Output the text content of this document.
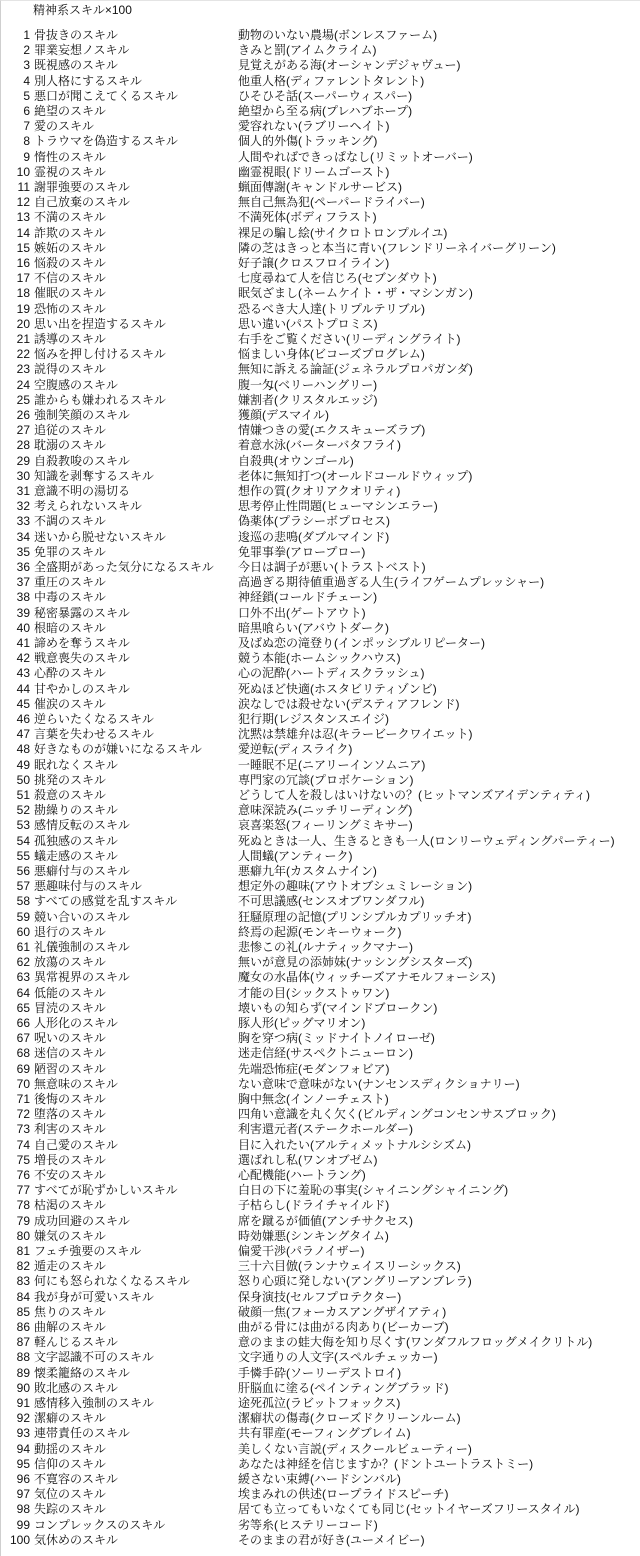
精神系スキル×100
1 骨抜きのスキル	動物のいない農場(ボンレスファーム)
2 罪業妄想ノスキル	きみと罰(アイムクライム)
3 既視感のスキル	見覚えがある海(オーシャンデジャヴュー)
4 別人格にするスキル	他重人格(ディファレントタレント)
5 悪口が聞こえてくるスキル	ひそひそ話(スーパーウィスパー)
6 絶望のスキル	絶望から至る病(プレハブホープ)
7 愛のスキル	愛容れない(ラブリーヘイト)
8 トラウマを偽造するスキル	個人的外傷(トラッキング)
9 惰性のスキル	人間やればできっぱなし(リミットオーバー)
10 霊視のスキル	幽霊視眼(ドリームゴースト)
11 謝罪強要のスキル	蝋面傳謝(キャンドルサービス)
12 自己放棄のスキル	無自己無為犯(ペーパードライバー)
13 不満のスキル	不満死体(ボディフラスト)
14 詐欺のスキル	裸足の騙し絵(サイクロトロンプルイユ)
15 嫉妬のスキル	隣の芝はきっと本当に青い(フレンドリーネイバーグリーン)
16 悩殺のスキル	好子譲(クロスフロイライン)
17 不信のスキル	七度尋ねて人を信じろ(セブンダウト)
18 催眠のスキル	眠気ざまし(ネームケイト・ザ・マシンガン)
19 恐怖のスキル	恐るべき大人達(トリプルテリブル)
20 思い出を捏造するスキル	思い違い(パストプロミス)
21 誘導のスキル	右手をご覧ください(リーディングライト)
22 悩みを押し付けるスキル	悩ましい身体(ビコーズプログレム)
23 説得のスキル	無知に訴える論証(ジェネラルプロパガンダ)
24 空腹感のスキル	腹一匁(ベリーハングリー)
25 誰からも嫌われるスキル	嫌割者(クリスタルエッジ)
26 強制笑顔のスキル	獲顔(デスマイル)
27 追従のスキル	情嫌つきの愛(エクスキューズラブ)
28 耽溺のスキル	着意水泳(バーターバタフライ)
29 自殺教唆のスキル	自殺典(オウンゴール)
30 知識を剥奪するスキル	老体に無知打つ(オールドコールドウィップ)
31 意識不明の湯切る	想作の質(クオリアクオリティ)
32 考えられないスキル	思考停止性問題(ヒューマシンエラー)
33 不調のスキル	偽薬体(プラシーボプロセス)
34 迷いから脱せないスキル	逡巡の悲鳴(ダブルマインド)
35 免罪のスキル	免罪事拳(アロープロー)
36 全盛期があった気分になるスキル 今日は調子が悪い(トラストベスト)
37 重圧のスキル	高過ぎる期待値重過ぎる人生(ライフゲームプレッシャー)
38 中毒のスキル	神経鎖(コールドチェーン)
39 秘密暴露のスキル	口外不出(ゲートアウト)
40 根暗のスキル	暗黒喰らい(アバウトダーク)
41 諦めを奪うスキル	及ばぬ恋の滝登り(インポッシブルリピーター)
42 戦意喪失のスキル	競う本能(ホームシックハウス)
43 心酔のスキル	心の泥酔(ハートディスクラッシュ)
44 甘やかしのスキル	死ぬほど快適(ホスタビリティゾンビ)
45 催涙のスキル	涙なしでは殺せない(デスティアフレンド)
46 逆らいたくなるスキル	犯行期(レジスタンスエイジ)
47 言葉を失わせるスキル	沈黙は禁雄弁は忍(キラービークワイエット)
48 好きなものが嫌いになるスキル	愛逆転(ディスライク)
49 眠れなくスキル	一睡眠不足(ニアリーインソムニア)
50 挑発のスキル	専門家の冗談(プロボケーション)
51 殺意のスキル	どうして人を殺しはいけないの？(ヒットマンズアイデンティティ)
52 勘繰りのスキル	意味深読み(ニッチリーディング)
53 感情反転のスキル	哀喜楽怒(フィーリングミキサー)
54 孤独感のスキル	死ぬときは一人、生きるときも一人(ロンリーウェディングパーティー)
55 蟻走感のスキル	人間蟻(アンティーク)
56 悪癖付与のスキル	悪癖九年(カスタムナイン)
57 悪趣味付与のスキル	想定外の趣味(アウトオブシュミレーション)
58 すべての感覚を乱すスキル	不可思議感(センスオブワンダフル)
59 競い合いのスキル	狂騒原理の記憶(プリンシプルカプリッチオ)
60 退行のスキル	終焉の起源(モンキーウォーク)
61 礼儀強制のスキル	悲惨この礼(ルナティックマナー)
62 放蕩のスキル	無いが意見の添姉妹(ナッシングシスターズ)
63 異常視界のスキル	魔女の水晶体(ウィッチーズアナモルフォーシス)
64 低能のスキル	才能の目(シックストゥワン)
65 冒涜のスキル	壊いもの知らず(マインドブロークン)
66 人形化のスキル	豚人形(ピッグマリオン)
67 呪いのスキル	胸を穿つ病(ミッドナイトノイローゼ)
68 迷信のスキル	迷走信経(サスペクトニューロン)
69 陋習のスキル	先端恐怖症(モダンフォビア)
70 無意味のスキル	ない意味で意味がない(ナンセンスディクショナリー)
71 後悔のスキル	胸中無念(インノーチェスト)
72 堕落のスキル	四角い意識を丸く欠く(ビルディングコンセンサスブロック)
73 利害のスキル	利害還元者(ステークホールダー)
74 自己愛のスキル	目に入れたい(アルティメットナルシシズム)
75 増長のスキル	選ばれし私(ワンオブゼム)
76 不安のスキル	心配機能(ハートラング)
77 すべてが恥ずかしいスキル	白日の下に羞恥の事実(シャイニングシャイニング)
78 枯渇のスキル	子枯らし(ドライチャイルド)
79 成功回避のスキル	席を蹴るが価値(アンチサクセス)
80 嫌気のスキル	時効嫌悪(シンキングタイム)
81 フェチ強要のスキル	偏愛干渉(パラノイザー)
82 遁走のスキル	三十六目倣(ランナウェイスリーシックス)
83 何にも怒られなくなるスキル	怒り心頭に発しない(アングリーアンブレラ)
84 我が身が可愛いスキル	保身演技(セルフプロテクター)
85 焦りのスキル	破顔一焦(フォーカスアングザイアティ)
86 曲解のスキル	曲がる骨には曲がる肉あり(ビーカーブ)
87 軽んじるスキル	意のままの蛙大侮を知り尽くす(ワンダフルフロッグメイクリトル)
88 文字認識不可のスキル	文字通りの人文字(スペルチェッカー)
89 懐柔籠絡のスキル	手憐手砕(ソーリーデストロイ)
90 敗北感のスキル	肝脳血に塗る(ペインティングブラッド)
91 感情移入強制のスキル	途死孤泣(ラビットフォックス)
92 潔癖のスキル	潔癖状の傷毒(クローズドクリーンルーム)
93 連帯責任のスキル	共有罪産(モーフィングブレイム)
94 動揺のスキル	美しくない言説(ディスクールビューティー)
95 信仰のスキル	あなたは神経を信じますか？(ドントユートラストミー)
96 不寛容のスキル	緩さない束縛(ハードシンバル)
97 気位のスキル	埃まみれの供述(ロープライドスピーチ)
98 失踪のスキル	居ても立ってもいなくても同じ(セットイヤーズフリースタイル)
99 コンプレックスのスキル	劣等糸(ヒステリーコード)
100 気休めのスキル	そのままの君が好き(ユーメイビー)
